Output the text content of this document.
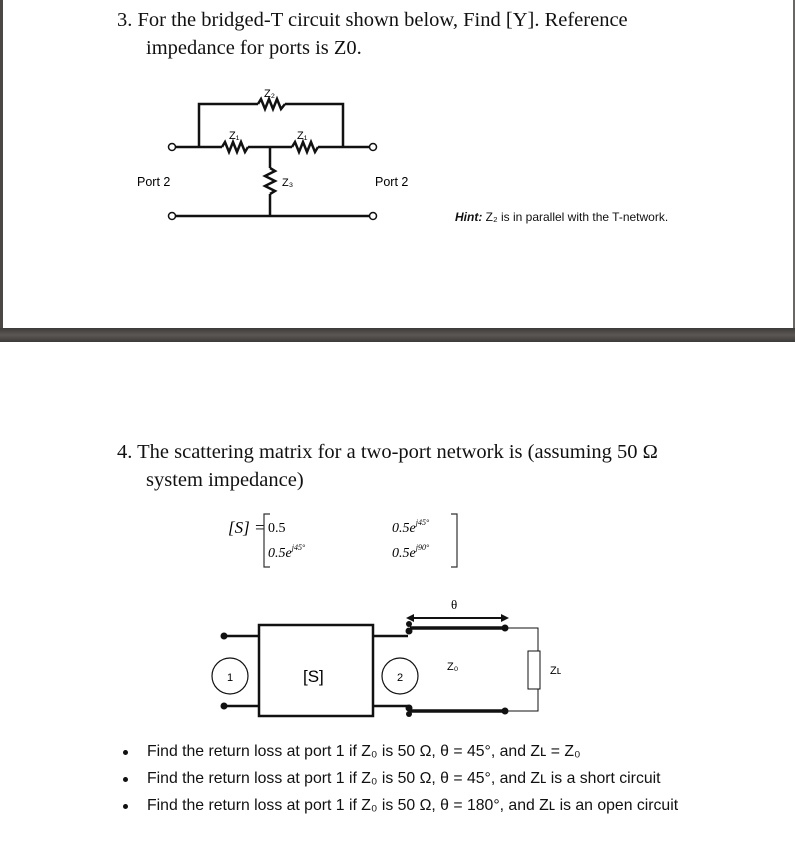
3. For the bridged-T circuit shown below, Find [Y]. Reference
impedance for ports is Z0.
Z₂
Z₁	Z₁
Z₃
Port 2	Port 2
[S] = 0.5	$0.5e^{j45^\circ}$
$0.5e^{j45^\circ}$	$0.5e^{j90^\circ}$
θ
1	2
[S]	Z₀	Zʟ
Hint: Z₂ is in parallel with the T-network.
4. The scattering matrix for a two-port network is (assuming 50 Ω
system impedance)
Find the return loss at port 1 if Z₀ is 50 Ω, θ = 45°, and Zʟ = Z₀
Find the return loss at port 1 if Z₀ is 50 Ω, θ = 45°, and Zʟ is a short circuit
Find the return loss at port 1 if Z₀ is 50 Ω, θ = 180°, and Zʟ is an open circuit
